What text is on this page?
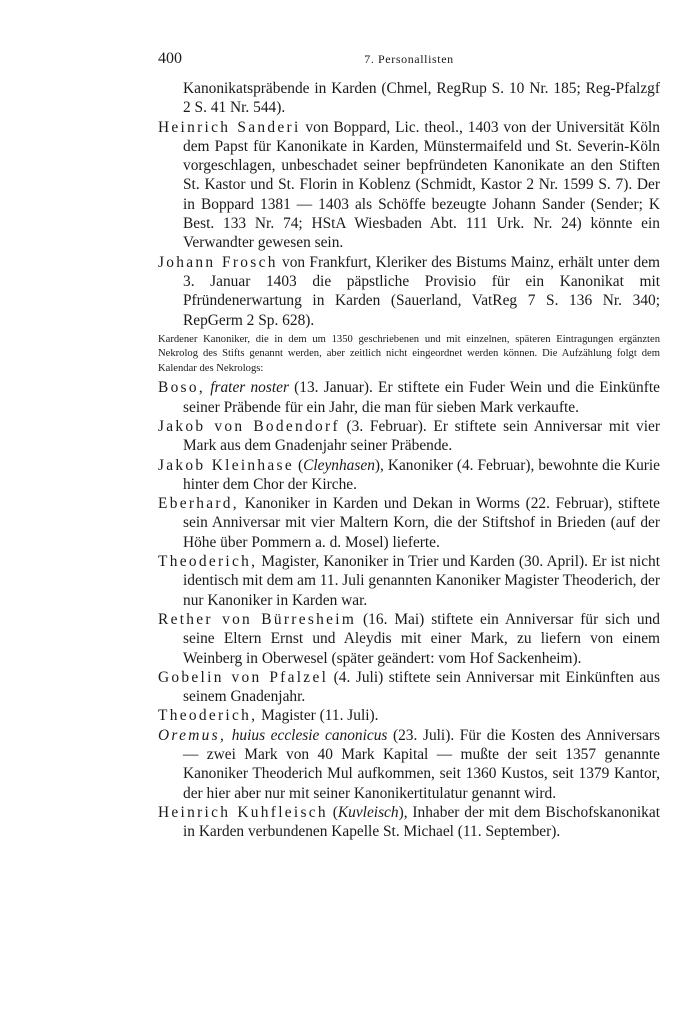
400	7. Personallisten

Kanonikatspräbende in Karden (Chmel, RegRup S. 10 Nr. 185; Reg-Pfalzgf 2 S. 41 Nr. 544).

Heinrich Sanderi von Boppard, Lic. theol., 1403 von der Universität Köln dem Papst für Kanonikate in Karden, Münstermaifeld und St. Severin-Köln vorgeschlagen, unbeschadet seiner bepfründeten Kanonikate an den Stiften St. Kastor und St. Florin in Koblenz (Schmidt, Kastor 2 Nr. 1599 S. 7). Der in Boppard 1381 — 1403 als Schöffe bezeugte Johann Sander (Sender; K Best. 133 Nr. 74; HStA Wiesbaden Abt. 111 Urk. Nr. 24) könnte ein Verwandter gewesen sein.

Johann Frosch von Frankfurt, Kleriker des Bistums Mainz, erhält unter dem 3. Januar 1403 die päpstliche Provisio für ein Kanonikat mit Pfründenerwartung in Karden (Sauerland, VatReg 7 S. 136 Nr. 340; RepGerm 2 Sp. 628).

Kardener Kanoniker, die in dem um 1350 geschriebenen und mit einzelnen, späteren Eintragungen ergänzten Nekrolog des Stifts genannt werden, aber zeitlich nicht eingeordnet werden können. Die Aufzählung folgt dem Kalendar des Nekrologs:

Boso, frater noster (13. Januar). Er stiftete ein Fuder Wein und die Einkünfte seiner Präbende für ein Jahr, die man für sieben Mark verkaufte.

Jakob von Bodendorf (3. Februar). Er stiftete sein Anniversar mit vier Mark aus dem Gnadenjahr seiner Präbende.

Jakob Kleinhase (Cleynhasen), Kanoniker (4. Februar), bewohnte die Kurie hinter dem Chor der Kirche.

Eberhard, Kanoniker in Karden und Dekan in Worms (22. Februar), stiftete sein Anniversar mit vier Maltern Korn, die der Stiftshof in Brieden (auf der Höhe über Pommern a. d. Mosel) lieferte.

Theoderich, Magister, Kanoniker in Trier und Karden (30. April). Er ist nicht identisch mit dem am 11. Juli genannten Kanoniker Magister Theoderich, der nur Kanoniker in Karden war.

Rether von Bürresheim (16. Mai) stiftete ein Anniversar für sich und seine Eltern Ernst und Aleydis mit einer Mark, zu liefern von einem Weinberg in Oberwesel (später geändert: vom Hof Sackenheim).

Gobelin von Pfalzel (4. Juli) stiftete sein Anniversar mit Einkünften aus seinem Gnadenjahr.

Theoderich, Magister (11. Juli).

Oremus, huius ecclesie canonicus (23. Juli). Für die Kosten des Anniversars — zwei Mark von 40 Mark Kapital — mußte der seit 1357 genannte Kanoniker Theoderich Mul aufkommen, seit 1360 Kustos, seit 1379 Kantor, der hier aber nur mit seiner Kanonikertitulatur genannt wird.

Heinrich Kuhfleisch (Kuvleisch), Inhaber der mit dem Bischofskanonikat in Karden verbundenen Kapelle St. Michael (11. September).
